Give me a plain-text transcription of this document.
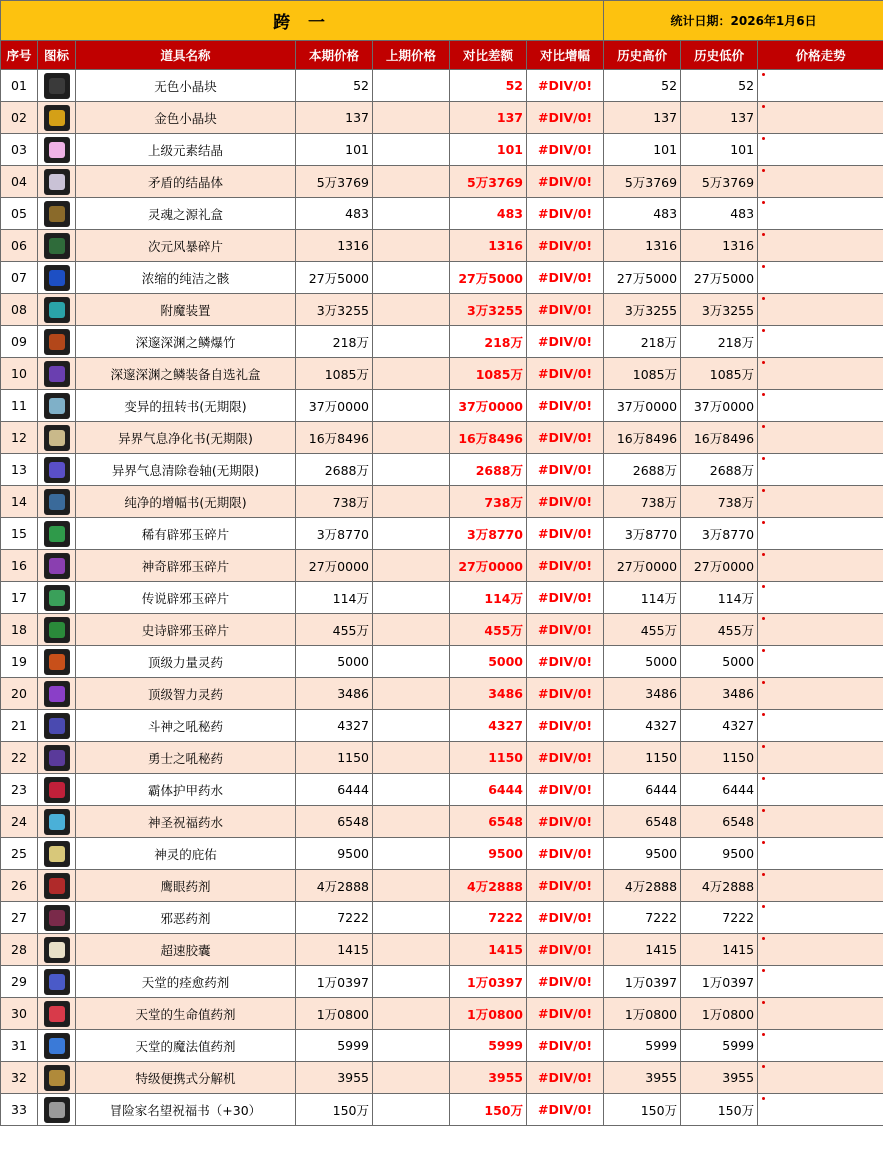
跨 一							统计日期：2026年1月6日		
序号	图标	道具名称	本期价格	上期价格	对比差额	对比增幅	历史高价	历史低价	价格走势
01		无色小晶块	52		52	#DIV/0!	52	52	

02		金色小晶块	137		137	#DIV/0!	137	137	

03		上级元素结晶	101		101	#DIV/0!	101	101	

04		矛盾的结晶体	5万3769		5万3769	#DIV/0!	5万3769	5万3769	

05		灵魂之源礼盒	483		483	#DIV/0!	483	483	

06		次元风暴碎片	1316		1316	#DIV/0!	1316	1316	

07		浓缩的纯洁之骸	27万5000		27万5000	#DIV/0!	27万5000	27万5000	

08		附魔装置	3万3255		3万3255	#DIV/0!	3万3255	3万3255	

09		深邃深渊之鳞爆竹	218万		218万	#DIV/0!	218万	218万	

10		深邃深渊之鳞装备自选礼盒	1085万		1085万	#DIV/0!	1085万	1085万	

11		变异的扭转书(无期限)	37万0000		37万0000	#DIV/0!	37万0000	37万0000	

12		异界气息净化书(无期限)	16万8496		16万8496	#DIV/0!	16万8496	16万8496	

13		异界气息清除卷轴(无期限)	2688万		2688万	#DIV/0!	2688万	2688万	

14		纯净的增幅书(无期限)	738万		738万	#DIV/0!	738万	738万	

15		稀有辟邪玉碎片	3万8770		3万8770	#DIV/0!	3万8770	3万8770	

16		神奇辟邪玉碎片	27万0000		27万0000	#DIV/0!	27万0000	27万0000	

17		传说辟邪玉碎片	114万		114万	#DIV/0!	114万	114万	

18		史诗辟邪玉碎片	455万		455万	#DIV/0!	455万	455万	

19		顶级力量灵药	5000		5000	#DIV/0!	5000	5000	

20		顶级智力灵药	3486		3486	#DIV/0!	3486	3486	

21		斗神之吼秘药	4327		4327	#DIV/0!	4327	4327	

22		勇士之吼秘药	1150		1150	#DIV/0!	1150	1150	

23		霸体护甲药水	6444		6444	#DIV/0!	6444	6444	

24		神圣祝福药水	6548		6548	#DIV/0!	6548	6548	

25		神灵的庇佑	9500		9500	#DIV/0!	9500	9500	

26		鹰眼药剂	4万2888		4万2888	#DIV/0!	4万2888	4万2888	

27		邪恶药剂	7222		7222	#DIV/0!	7222	7222	

28		超速胶囊	1415		1415	#DIV/0!	1415	1415	

29		天堂的痊愈药剂	1万0397		1万0397	#DIV/0!	1万0397	1万0397	

30		天堂的生命值药剂	1万0800		1万0800	#DIV/0!	1万0800	1万0800	

31		天堂的魔法值药剂	5999		5999	#DIV/0!	5999	5999	

32		特级便携式分解机	3955		3955	#DIV/0!	3955	3955	

33		冒险家名望祝福书（+30）	150万		150万	#DIV/0!	150万	150万	
